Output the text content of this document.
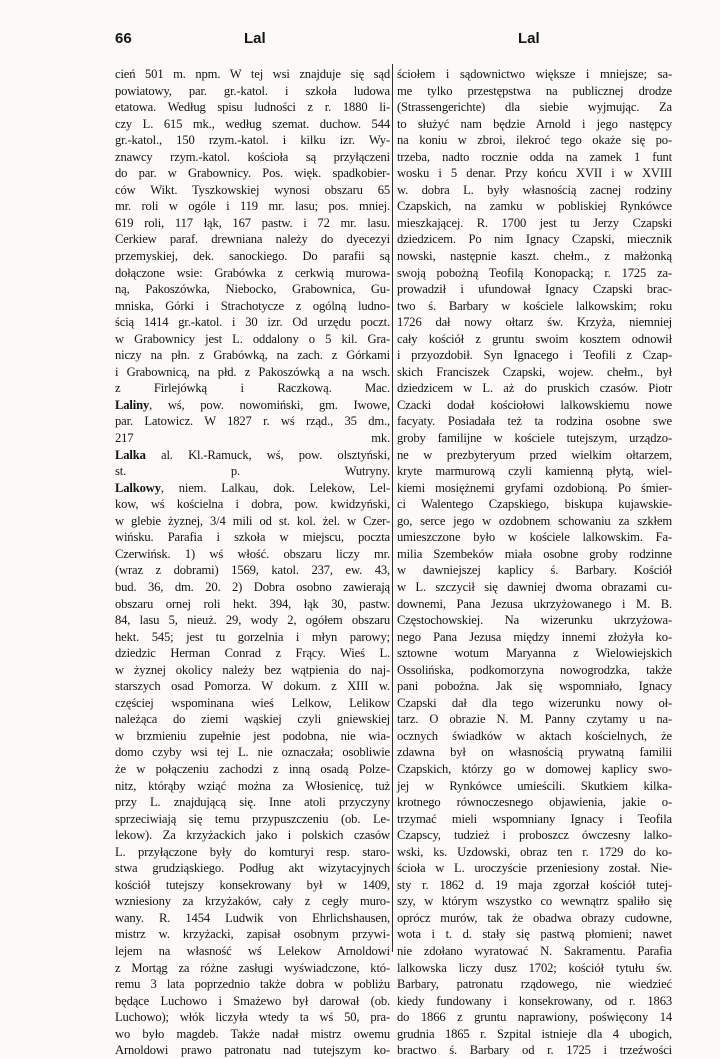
66	Lal	Lal
cień 501 m. npm. W tej wsi znajduje się sąd
powiatowy, par. gr.-katol. i szkoła ludowa
etatowa. Według spisu ludności z r. 1880 li-
czy L. 615 mk., według szemat. duchow. 544
gr.-katol., 150 rzym.-katol. i kilku izr. Wy-
znawcy rzym.-katol. kościoła są przyłączeni
do par. w Grabownicy. Pos. więk. spadkobier-
ców Wikt. Tyszkowskiej wynosi obszaru 65
mr. roli w ogóle i 119 mr. lasu; pos. mniej.
619 roli, 117 łąk, 167 pastw. i 72 mr. lasu.
Cerkiew paraf. drewniana należy do dyecezyi
przemyskiej, dek. sanockiego. Do parafii są
dołączone wsie: Grabówka z cerkwią murowa-
ną, Pakoszówka, Niebocko, Grabownica, Gu-
mniska, Górki i Strachotycze z ogólną ludno-
ścią 1414 gr.-katol. i 30 izr. Od urzędu poczt.
w Grabownicy jest L. oddalony o 5 kil. Gra-
niczy na płn. z Grabówką, na zach. z Górkami
i Grabownicą, na płd. z Pakoszówką a na wsch.
z Firlejówką i Raczkową. Mac.
Laliny, wś, pow. nowomiński, gm. Iwowe,
par. Latowicz. W 1827 r. wś rząd., 35 dm.,
217 mk.
Lalka al. Kl.-Ramuck, wś, pow. olsztyński,
st. p. Wutryny.
Lalkowy, niem. Lalkau, dok. Lelekow, Lel-
kow, wś kościelna i dobra, pow. kwidzyński,
w glebie żyznej, 3/4 mili od st. kol. żel. w Czer-
wińsku. Parafia i szkoła w miejscu, poczta
Czerwińsk. 1) wś włość. obszaru liczy mr.
(wraz z dobrami) 1569, katol. 237, ew. 43,
bud. 36, dm. 20. 2) Dobra osobno zawierają
obszaru ornej roli hekt. 394, łąk 30, pastw.
84, lasu 5, nieuż. 29, wody 2, ogółem obszaru
hekt. 545; jest tu gorzelnia i młyn parowy;
dziedzic Herman Conrad z Frący. Wieś L.
w żyznej okolicy należy bez wątpienia do naj-
starszych osad Pomorza. W dokum. z XIII w.
częściej wspominana wieś Lelkow, Lelikow
należąca do ziemi wąskiej czyli gniewskiej
w brzmieniu zupełnie jest podobna, nie wia-
domo czyby wsi tej L. nie oznaczała; osobliwie
że w połączeniu zachodzi z inną osadą Polze-
nitz, którąby wziąć można za Włosienicę, tuż
przy L. znajdującą się. Inne atoli przyczyny
sprzeciwiają się temu przypuszczeniu (ob. Le-
lekow). Za krzyżackich jako i polskich czasów
L. przyłączone były do komturyi resp. staro-
stwa grudziąskiego. Podług akt wizytacyjnych
kościół tutejszy konsekrowany był w 1409,
wzniesiony za krzyżaków, cały z cegły muro-
wany. R. 1454 Ludwik von Ehrlichshausen,
mistrz w. krzyżacki, zapisał osobnym przywi-
lejem na własność wś Lelekow Arnoldowi
z Mortąg za różne zasługi wyświadczone, któ-
remu 3 lata poprzednio także dobra w pobliżu
będące Luchowo i Smażewo był darował (ob.
Luchowo); włók liczyła wtedy ta wś 50, pra-
wo było magdeb. Także nadał mistrz owemu
Arnoldowi prawo patronatu nad tutejszym ko-
ściołem i sądownictwo większe i mniejsze; sa-
me tylko przestępstwa na publicznej drodze
(Strassengerichte) dla siebie wyjmując. Za
to służyć nam będzie Arnold i jego następcy
na koniu w zbroi, ilekroć tego okaże się po-
trzeba, nadto rocznie odda na zamek 1 funt
wosku i 5 denar. Przy końcu XVII i w XVIII
w. dobra L. były własnością zacnej rodziny
Czapskich, na zamku w pobliskiej Rynkówce
mieszkającej. R. 1700 jest tu Jerzy Czapski
dziedzicem. Po nim Ignacy Czapski, miecznik
nowski, następnie kaszt. chełm., z małżonką
swoją pobożną Teofilą Konopacką; r. 1725 za-
prowadził i ufundował Ignacy Czapski brac-
two ś. Barbary w kościele lalkowskim; roku
1726 dał nowy ołtarz św. Krzyża, niemniej
cały kościół z gruntu swoim kosztem odnowił
i przyozdobił. Syn Ignacego i Teofili z Czap-
skich Franciszek Czapski, wojew. chełm., był
dziedzicem w L. aż do pruskich czasów. Piotr
Czacki dodał kościołowi lalkowskiemu nowe
facyaty. Posiadała też ta rodzina osobne swe
groby familijne w kościele tutejszym, urządzo-
ne w prezbyteryum przed wielkim ołtarzem,
kryte marmurową czyli kamienną płytą, wiel-
kiemi mosiężnemi gryfami ozdobioną. Po śmier-
ci Walentego Czapskiego, biskupa kujawskie-
go, serce jego w ozdobnem schowaniu za szkłem
umieszczone było w kościele lalkowskim. Fa-
milia Szembeków miała osobne groby rodzinne
w dawniejszej kaplicy ś. Barbary. Kościół
w L. szczycił się dawniej dwoma obrazami cu-
downemi, Pana Jezusa ukrzyżowanego i M. B.
Częstochowskiej. Na wizerunku ukrzyżowa-
nego Pana Jezusa między innemi złożyła ko-
sztowne wotum Maryanna z Wielowiejskich
Ossolińska, podkomorzyna nowogrodzka, także
pani pobożna. Jak się wspomniało, Ignacy
Czapski dał dla tego wizerunku nowy oł-
tarz. O obrazie N. M. Panny czytamy u na-
ocznych świadków w aktach kościelnych, że
zdawna był on własnością prywatną familii
Czapskich, którzy go w domowej kaplicy swo-
jej w Rynkówce umieścili. Skutkiem kilka-
krotnego równoczesnego objawienia, jakie o-
trzymać mieli wspomniany Ignacy i Teofila
Czapscy, tudzież i proboszcz ówczesny lalko-
wski, ks. Uzdowski, obraz ten r. 1729 do ko-
ścioła w L. uroczyście przeniesiony został. Nie-
sty r. 1862 d. 19 maja zgorzał kościół tutej-
szy, w którym wszystko co wewnątrz spaliło się
oprócz murów, tak że obadwa obrazy cudowne,
wota i t. d. stały się pastwą płomieni; nawet
nie zdołano wyratować N. Sakramentu. Parafia
lalkowska liczy dusz 1702; kościół tytułu św.
Barbary, patronatu rządowego, nie wiedzieć
kiedy fundowany i konsekrowany, od r. 1863
do 1866 z gruntu naprawiony, poświęcony 14
grudnia 1865 r. Szpital istnieje dla 4 ubogich,
bractwo ś. Barbary od r. 1725 i trzeźwości
